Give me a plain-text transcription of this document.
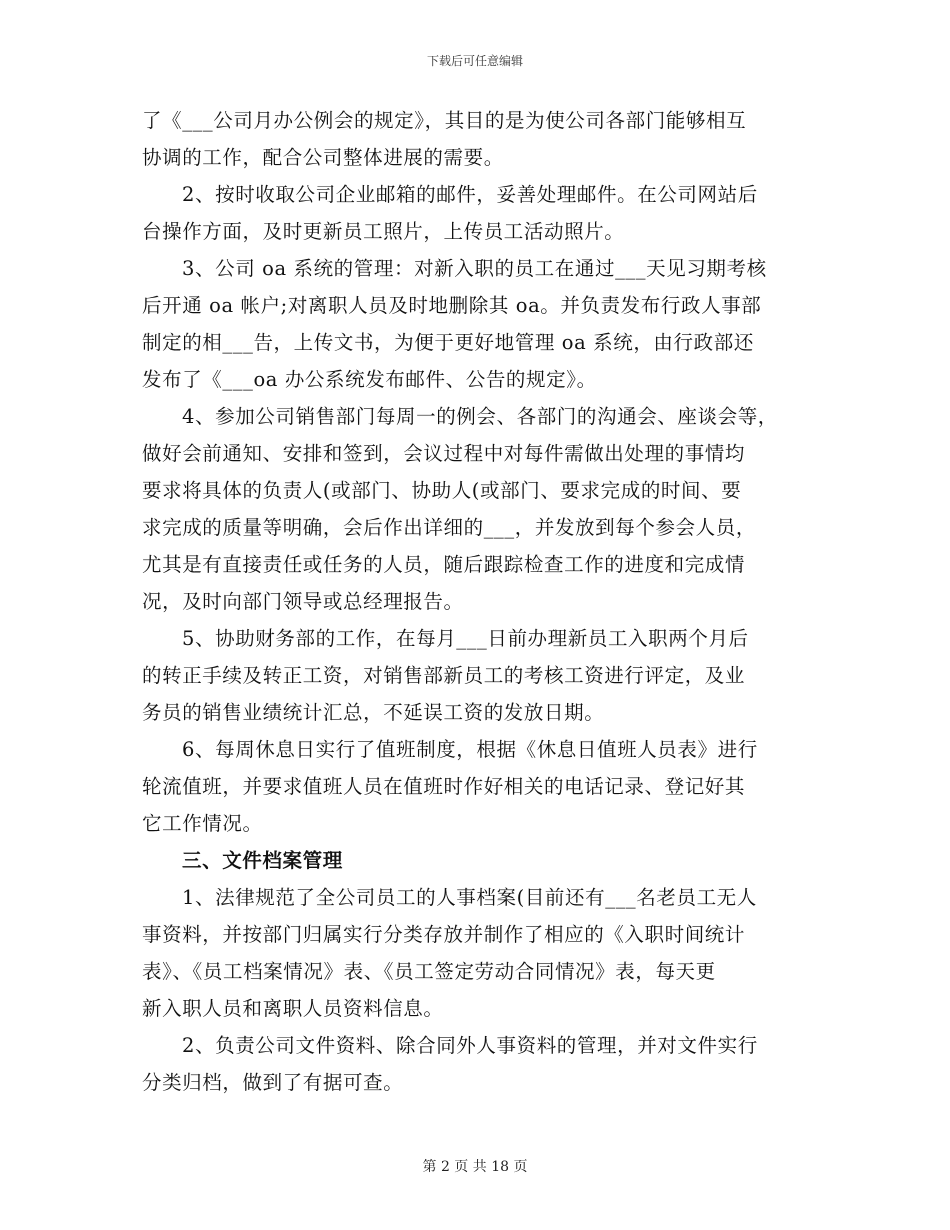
下载后可任意编辑
了《___公司月办公例会的规定》，其目的是为使公司各部门能够相互
协调的工作，配合公司整体进展的需要。
2、按时收取公司企业邮箱的邮件，妥善处理邮件。在公司网站后
台操作方面，及时更新员工照片，上传员工活动照片。
3、公司 oa 系统的管理：对新入职的员工在通过___天见习期考核
后开通 oa 帐户;对离职人员及时地删除其 oa。并负责发布行政人事部
制定的相___告，上传文书，为便于更好地管理 oa 系统，由行政部还
发布了《___oa 办公系统发布邮件、公告的规定》。
4、参加公司销售部门每周一的例会、各部门的沟通会、座谈会等，
做好会前通知、安排和签到，会议过程中对每件需做出处理的事情均
要求将具体的负责人(或部门、协助人(或部门、要求完成的时间、要
求完成的质量等明确，会后作出详细的___，并发放到每个参会人员，
尤其是有直接责任或任务的人员，随后跟踪检查工作的进度和完成情
况，及时向部门领导或总经理报告。
5、协助财务部的工作，在每月___日前办理新员工入职两个月后
的转正手续及转正工资，对销售部新员工的考核工资进行评定，及业
务员的销售业绩统计汇总，不延误工资的发放日期。
6、每周休息日实行了值班制度，根据《休息日值班人员表》进行
轮流值班，并要求值班人员在值班时作好相关的电话记录、登记好其
它工作情况。
三、文件档案管理
1、法律规范了全公司员工的人事档案(目前还有___名老员工无人
事资料，并按部门归属实行分类存放并制作了相应的《入职时间统计
表》、《员工档案情况》表、《员工签定劳动合同情况》表，每天更
新入职人员和离职人员资料信息。
2、负责公司文件资料、除合同外人事资料的管理，并对文件实行
分类归档，做到了有据可查。
第 2 页 共 18 页
